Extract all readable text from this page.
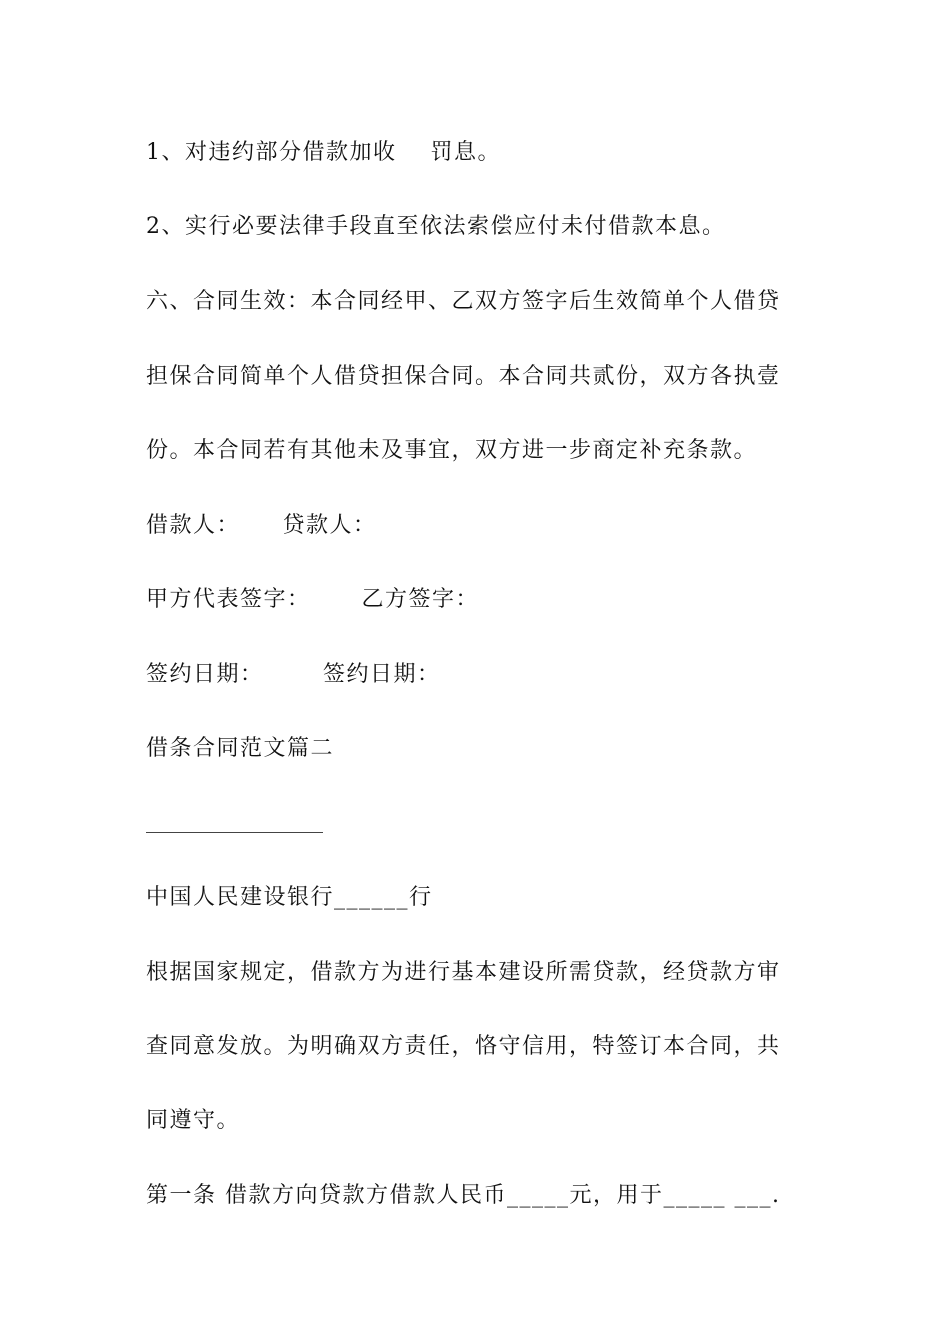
1、对违约部分借款加收    罚息。
2、实行必要法律手段直至依法索偿应付未付借款本息。
六、合同生效：本合同经甲、乙双方签字后生效简单个人借贷
担保合同简单个人借贷担保合同。本合同共贰份，双方各执壹
份。本合同若有其他未及事宜，双方进一步商定补充条款。
借款人：     贷款人：
甲方代表签字：      乙方签字：
签约日期：       签约日期：
借条合同范文篇二
中国人民建设银行______行
根据国家规定，借款方为进行基本建设所需贷款，经贷款方审
查同意发放。为明确双方责任，恪守信用，特签订本合同，共
同遵守。
第一条 借款方向贷款方借款人民币_____元，用于_____ ___.
